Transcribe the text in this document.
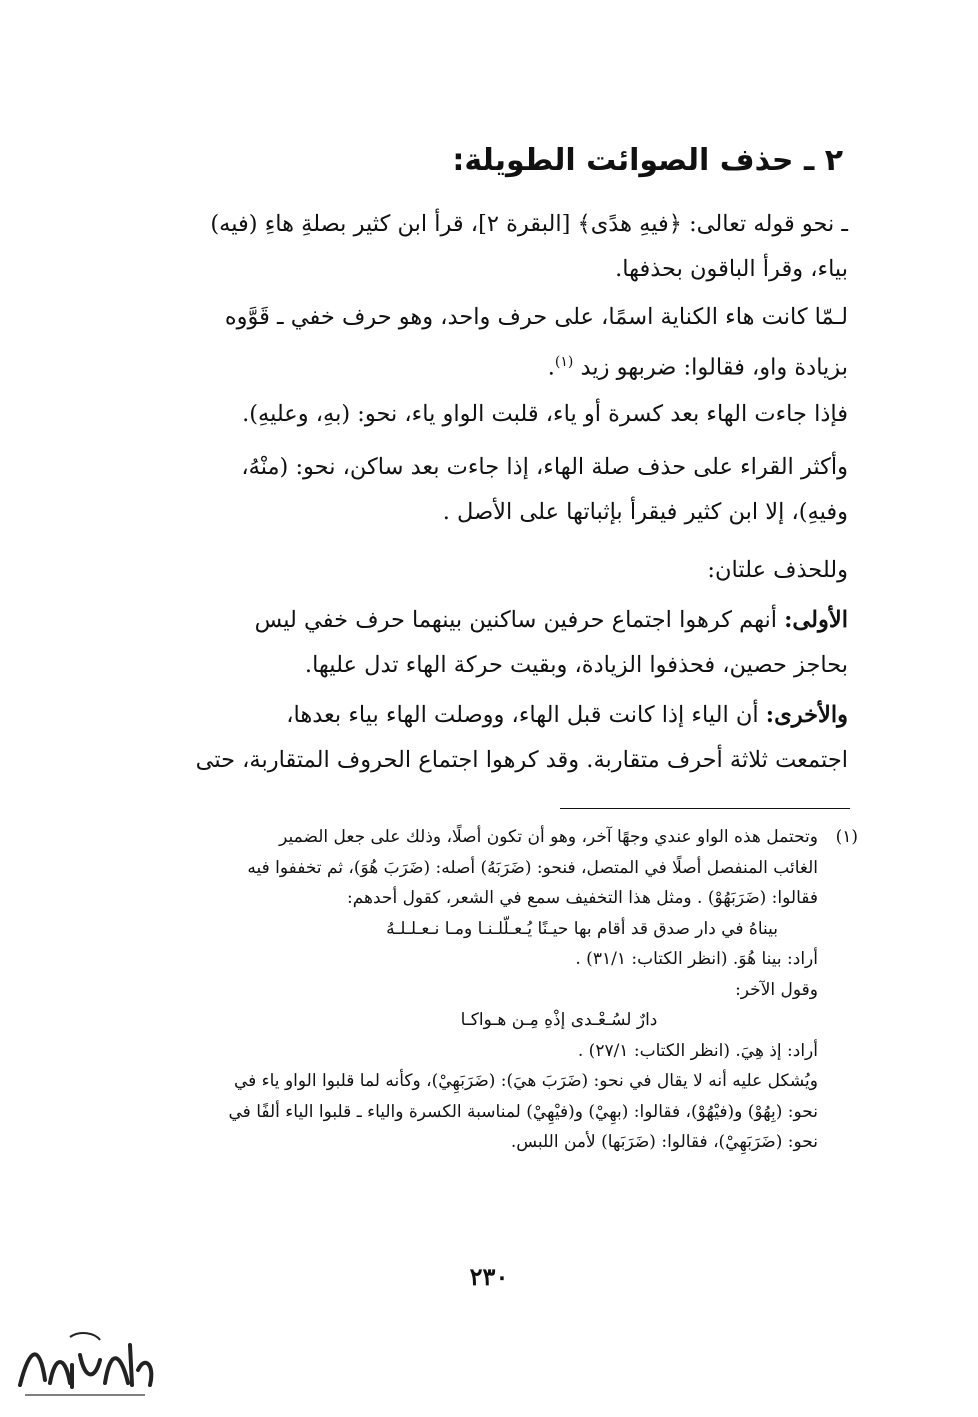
٢ ـ حذف الصوائت الطويلة:
ـ نحو قوله تعالى: ﴿فيهِ هدًى﴾ [البقرة ٢]، قرأ ابن كثير بصلةِ هاءِ (فيه)
بياء، وقرأ الباقون بحذفها.
لـمّا كانت هاء الكناية اسمًا، على حرف واحد، وهو حرف خفي ـ قَوَّوه
بزيادة واو، فقالوا: ضربهو زيد $^{(١)}$.
فإذا جاءت الهاء بعد كسرة أو ياء، قلبت الواو ياء، نحو: (بهِ، وعليهِ).
وأكثر القراء على حذف صلة الهاء، إذا جاءت بعد ساكن، نحو: (منْهُ،
وفيهِ)، إلا ابن كثير فيقرأ بإثباتها على الأصل .
وللحذف علتان:
الأولى: أنهم كرهوا اجتماع حرفين ساكنين بينهما حرف خفي ليس
بحاجز حصين، فحذفوا الزيادة، وبقيت حركة الهاء تدل عليها.
والأخرى: أن الياء إذا كانت قبل الهاء، ووصلت الهاء بياء بعدها،
اجتمعت ثلاثة أحرف متقاربة. وقد كرهوا اجتماع الحروف المتقاربة، حتى
(١)
وتحتمل هذه الواو عندي وجهًا آخر، وهو أن تكون أصلًا، وذلك على جعل الضمير
الغائب المنفصل أصلًا في المتصل، فنحو: (ضَرَبَهُ) أصله: (ضَرَبَ هُوَ)، ثم تخففوا فيه
فقالوا: (ضَرَبَهُوْ) . ومثل هذا التخفيف سمع في الشعر، كقول أحدهم:
بيناهُ في دار صدق قد أقام بها حيـنًا يُـعـلّلـنـا ومـا نـعـلـلـهُ
أراد: بينا هُوَ. (انظر الكتاب: ٣١/١) .
وقول الآخر:
دارٌ لسُـعْـدى إذْهِ مِـن هـواكـا
أراد: إذ هِيَ. (انظر الكتاب: ٢٧/١) .
ويُشكل عليه أنه لا يقال في نحو: (ضَرَبَ هيَ): (ضَرَبَهِيْ)، وكأنه لما قلبوا الواو ياء في
نحو: (بِهُوْ) و(فيْهُوْ)، فقالوا: (بهِيْ) و(فيْهِيْ) لمناسبة الكسرة والياء ـ قلبوا الياء ألفًا في
نحو: (ضَرَبَهِيْ)، فقالوا: (ضَرَبَها) لأمن اللبس.
٢٣٠
